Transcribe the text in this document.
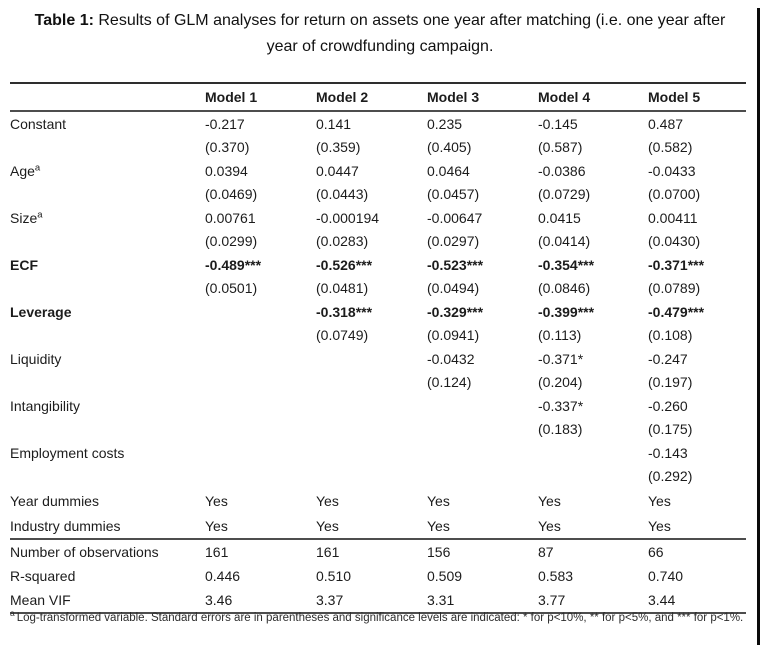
Table 1: Results of GLM analyses for return on assets one year after matching (i.e. one year after year of crowdfunding campaign.
	Model 1	Model 2	Model 3	Model 4	Model 5
Constant	-0.217	0.141	0.235	-0.145	0.487
	(0.370)	(0.359)	(0.405)	(0.587)	(0.582)
Age$^a$	0.0394	0.0447	0.0464	-0.0386	-0.0433
	(0.0469)	(0.0443)	(0.0457)	(0.0729)	(0.0700)
Size$^a$	0.00761	-0.000194	-0.00647	0.0415	0.00411
	(0.0299)	(0.0283)	(0.0297)	(0.0414)	(0.0430)
ECF	-0.489***	-0.526***	-0.523***	-0.354***	-0.371***
	(0.0501)	(0.0481)	(0.0494)	(0.0846)	(0.0789)
Leverage		-0.318***	-0.329***	-0.399***	-0.479***
		(0.0749)	(0.0941)	(0.113)	(0.108)
Liquidity			-0.0432	-0.371*	-0.247
			(0.124)	(0.204)	(0.197)
Intangibility				-0.337*	-0.260
				(0.183)	(0.175)
Employment costs					-0.143
					(0.292)
Year dummies	Yes	Yes	Yes	Yes	Yes
Industry dummies	Yes	Yes	Yes	Yes	Yes
Number of observations	161	161	156	87	66
R-squared	0.446	0.510	0.509	0.583	0.740
Mean VIF	3.46	3.37	3.31	3.77	3.44
$^a$ Log-transformed variable. Standard errors are in parentheses and significance levels are indicated: * for p<10%, ** for p<5%, and *** for p<1%.
